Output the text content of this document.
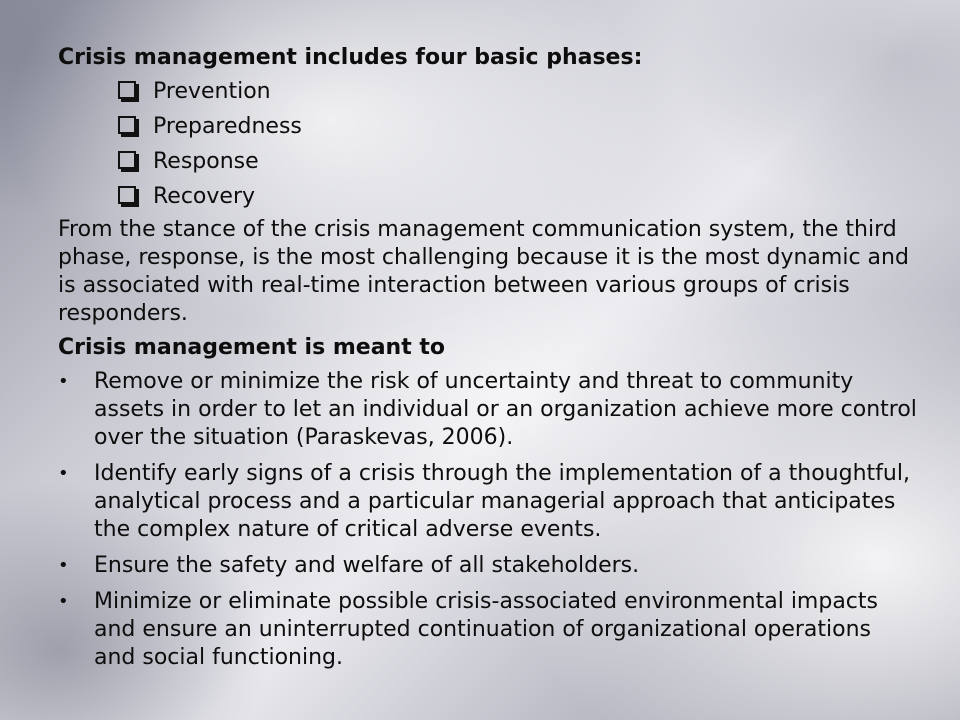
Crisis management includes four basic phases:

Prevention
Preparedness
Response
Recovery

From the stance of the crisis management communication system, the third phase, response, is the most challenging because it is the most dynamic and is associated with real-time interaction between various groups of crisis responders.

Crisis management is meant to

•	Remove or minimize the risk of uncertainty and threat to community assets in order to let an individual or an organization achieve more control over the situation (Paraskevas, 2006).
•	Identify early signs of a crisis through the implementation of a thoughtful, analytical process and a particular managerial approach that anticipates the complex nature of critical adverse events.
•	Ensure the safety and welfare of all stakeholders.
•	Minimize or eliminate possible crisis-associated environmental impacts and ensure an uninterrupted continuation of organizational operations and social functioning.
